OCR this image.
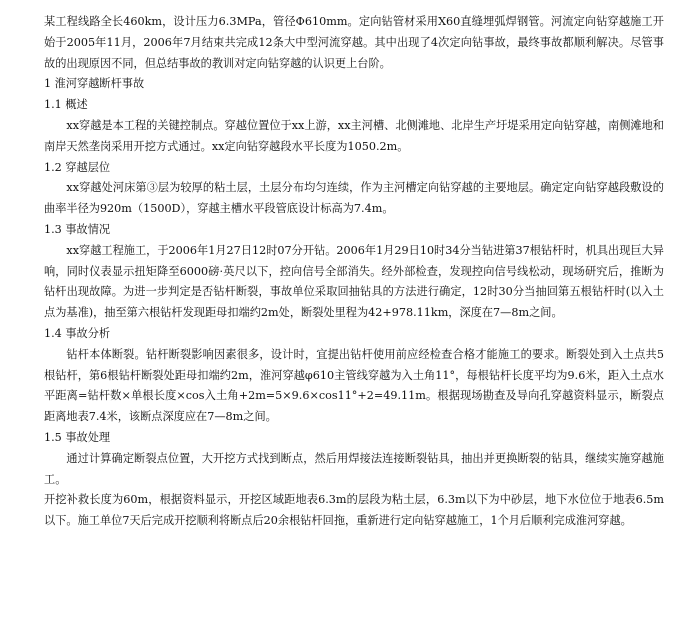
某工程线路全长460km，设计压力6.3MPa，管径Φ610mm。定向钻管材采用X60直缝埋弧焊钢管。河流定向钻穿越施工开始于2005年11月，2006年7月结束共完成12条大中型河流穿越。其中出现了4次定向钻事故，最终事故都顺利解决。尽管事故的出现原因不同，但总结事故的教训对定向钻穿越的认识更上台阶。

1 淮河穿越断杆事故

1.1 概述

xx穿越是本工程的关键控制点。穿越位置位于xx上游，xx主河槽、北侧滩地、北岸生产圩堤采用定向钻穿越，南侧滩地和南岸天然垄岗采用开挖方式通过。xx定向钻穿越段水平长度为1050.2m。

1.2 穿越层位

xx穿越处河床第③层为较厚的粘土层，土层分布均匀连续，作为主河槽定向钻穿越的主要地层。确定定向钻穿越段敷设的曲率半径为920m（1500D），穿越主槽水平段管底设计标高为7.4m。

1.3 事故情况

xx穿越工程施工，于2006年1月27日12时07分开钻。2006年1月29日10时34分当钻进第37根钻杆时，机具出现巨大异响，同时仪表显示扭矩降至6000磅·英尺以下，控向信号全部消失。经外部检查，发现控向信号线松动，现场研究后，推断为钻杆出现故障。为进一步判定是否钻杆断裂，事故单位采取回抽钻具的方法进行确定，12时30分当抽回第五根钻杆时(以入土点为基准)，抽至第六根钻杆发现距母扣端约2m处，断裂处里程为42+978.11km，深度在7—8m之间。

1.4 事故分析

钻杆本体断裂。钻杆断裂影响因素很多，设计时，宜提出钻杆使用前应经检查合格才能施工的要求。断裂处到入土点共5根钻杆，第6根钻杆断裂处距母扣端约2m，淮河穿越φ610主管线穿越为入土角11°，每根钻杆长度平均为9.6米，距入土点水平距离=钻杆数×单根长度×cos入土角+2m=5×9.6×cos11°+2=49.11m。根据现场勘查及导向孔穿越资料显示，断裂点距离地表7.4米，该断点深度应在7—8m之间。

1.5 事故处理

通过计算确定断裂点位置，大开挖方式找到断点，然后用焊接法连接断裂钻具，抽出并更换断裂的钻具，继续实施穿越施工。

开挖补救长度为60m，根据资料显示，开挖区域距地表6.3m的层段为粘土层，6.3m以下为中砂层，地下水位位于地表6.5m以下。施工单位7天后完成开挖顺利将断点后20余根钻杆回拖，重新进行定向钻穿越施工，1个月后顺利完成淮河穿越。
